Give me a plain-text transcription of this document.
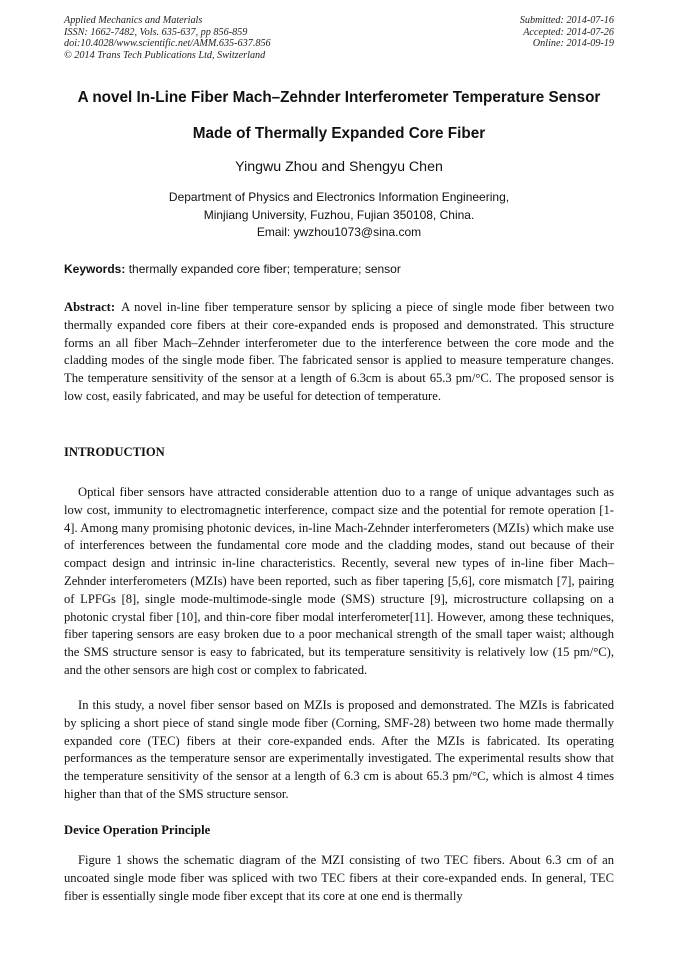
Applied Mechanics and Materials
ISSN: 1662-7482, Vols. 635-637, pp 856-859
doi:10.4028/www.scientific.net/AMM.635-637.856
© 2014 Trans Tech Publications Ltd, Switzerland
Submitted: 2014-07-16
Accepted: 2014-07-26
Online: 2014-09-19
A novel In-Line Fiber Mach–Zehnder Interferometer Temperature Sensor
Made of Thermally Expanded Core Fiber
Yingwu Zhou and Shengyu Chen
Department of Physics and Electronics Information Engineering,
Minjiang University, Fuzhou, Fujian 350108, China.
Email: ywzhou1073@sina.com
Keywords: thermally expanded core fiber; temperature; sensor
Abstract: A novel in-line fiber temperature sensor by splicing a piece of single mode fiber between two thermally expanded core fibers at their core-expanded ends is proposed and demonstrated. This structure forms an all fiber Mach–Zehnder interferometer due to the interference between the core mode and the cladding modes of the single mode fiber. The fabricated sensor is applied to measure temperature changes. The temperature sensitivity of the sensor at a length of 6.3cm is about 65.3 pm/°C. The proposed sensor is low cost, easily fabricated, and may be useful for detection of temperature.
INTRODUCTION
Optical fiber sensors have attracted considerable attention duo to a range of unique advantages such as low cost, immunity to electromagnetic interference, compact size and the potential for remote operation [1-4]. Among many promising photonic devices, in-line Mach-Zehnder interferometers (MZIs) which make use of interferences between the fundamental core mode and the cladding modes, stand out because of their compact design and intrinsic in-line characteristics. Recently, several new types of in-line fiber Mach–Zehnder interferometers (MZIs) have been reported, such as fiber tapering [5,6], core mismatch [7], pairing of LPFGs [8], single mode-multimode-single mode (SMS) structure [9], microstructure collapsing on a photonic crystal fiber [10], and thin-core fiber modal interferometer[11]. However, among these techniques, fiber tapering sensors are easy broken due to a poor mechanical strength of the small taper waist; although the SMS structure sensor is easy to fabricated, but its temperature sensitivity is relatively low (15 pm/°C), and the other sensors are high cost or complex to fabricated.
In this study, a novel fiber sensor based on MZIs is proposed and demonstrated. The MZIs is fabricated by splicing a short piece of stand single mode fiber (Corning, SMF-28) between two home made thermally expanded core (TEC) fibers at their core-expanded ends. After the MZIs is fabricated. Its operating performances as the temperature sensor are experimentally investigated. The experimental results show that the temperature sensitivity of the sensor at a length of 6.3 cm is about 65.3 pm/°C, which is almost 4 times higher than that of the SMS structure sensor.
Device Operation Principle
Figure 1 shows the schematic diagram of the MZI consisting of two TEC fibers. About 6.3 cm of an uncoated single mode fiber was spliced with two TEC fibers at their core-expanded ends. In general, TEC fiber is essentially single mode fiber except that its core at one end is thermally
